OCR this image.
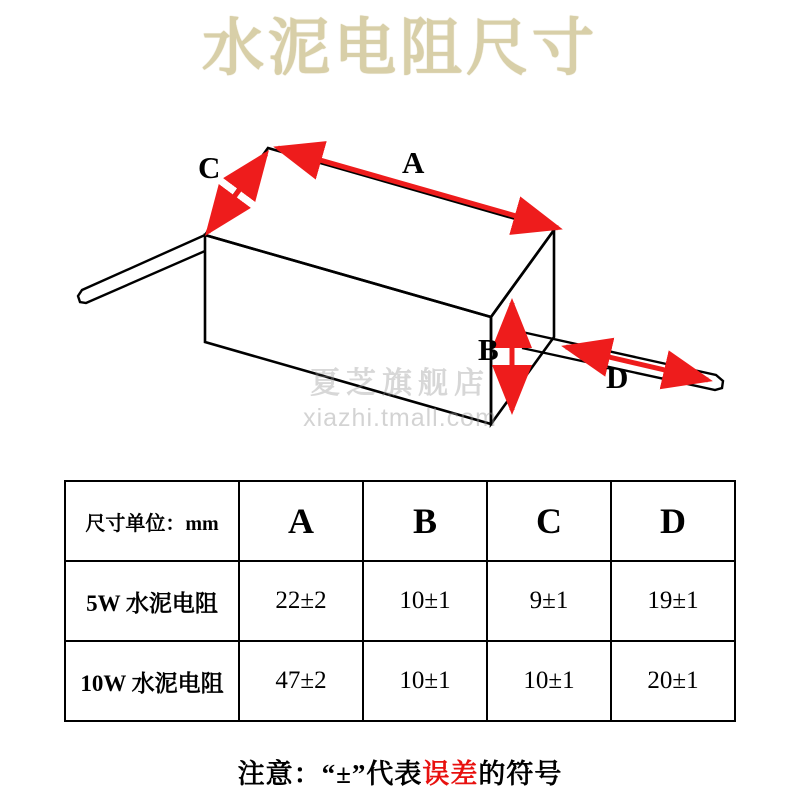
水泥电阻尺寸
A
B
C
D
夏芝旗舰店
xiazhi.tmall.com
尺寸单位：mm	A	B	C	D
5W 水泥电阻	22±2	10±1	9±1	19±1
10W 水泥电阻	47±2	10±1	10±1	20±1
注意：“±”代表误差的符号
